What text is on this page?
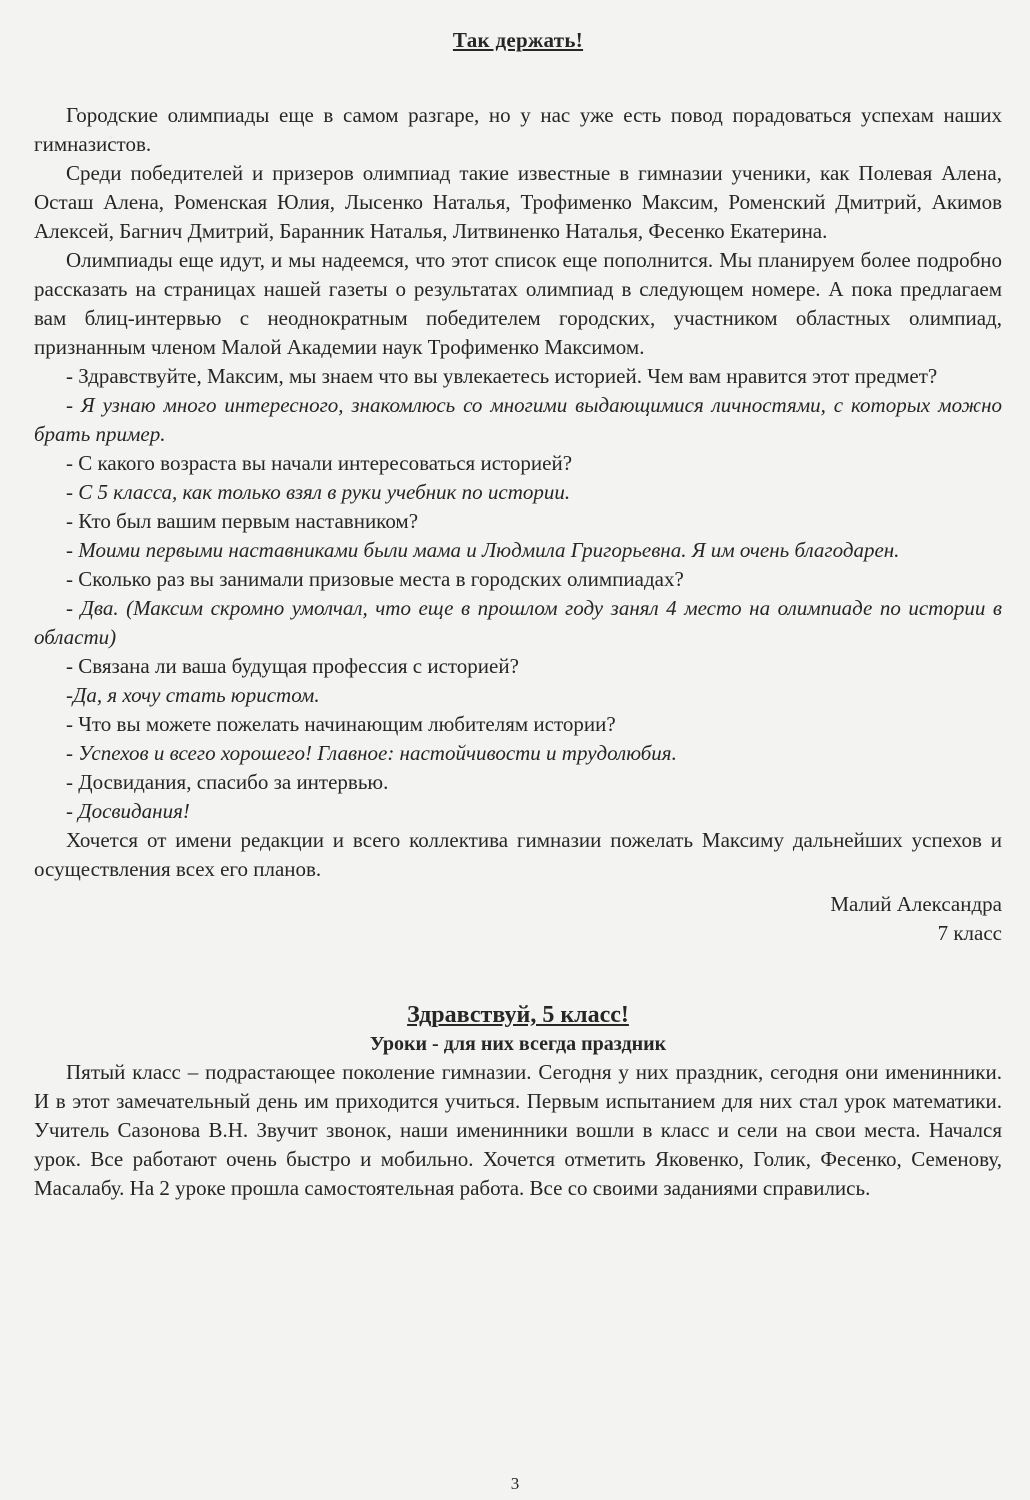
Так держать!

Городские олимпиады еще в самом разгаре, но у нас уже есть повод порадоваться успехам наших гимназистов.

Среди победителей и призеров олимпиад такие известные в гимназии ученики, как Полевая Алена, Осташ Алена, Роменская Юлия, Лысенко Наталья, Трофименко Максим, Роменский Дмитрий, Акимов Алексей, Багнич Дмитрий, Баранник Наталья, Литвиненко Наталья, Фесенко Екатерина.

Олимпиады еще идут, и мы надеемся, что этот список еще пополнится. Мы планируем более подробно рассказать на страницах нашей газеты о результатах олимпиад в следующем номере. А пока предлагаем вам блиц-интервью с неоднократным победителем городских, участником областных олимпиад, признанным членом Малой Академии наук Трофименко Максимом.

- Здравствуйте, Максим, мы знаем что вы увлекаетесь историей. Чем вам нравится этот предмет?

- Я узнаю много интересного, знакомлюсь со многими выдающимися личностями, с которых можно брать пример.

- С какого возраста вы начали интересоваться историей?

- С 5 класса, как только взял в руки учебник по истории.

- Кто был вашим первым наставником?

- Моими первыми наставниками были мама и Людмила Григорьевна. Я им очень благодарен.

- Сколько раз вы занимали призовые места в городских олимпиадах?

- Два. (Максим скромно умолчал, что еще в прошлом году занял 4 место на олимпиаде по истории в области)

- Связана ли ваша будущая профессия с историей?

-Да, я хочу стать юристом.

- Что вы можете пожелать начинающим любителям истории?

- Успехов и всего хорошего! Главное: настойчивости и трудолюбия.

- Досвидания, спасибо за интервью.

- Досвидания!

Хочется от имени редакции и всего коллектива гимназии пожелать Максиму дальнейших успехов и осуществления всех его планов.

Малий Александра
7 класс
Здравствуй, 5 класс!
Уроки - для них всегда праздник

Пятый класс – подрастающее поколение гимназии. Сегодня у них праздник, сегодня они именинники. И в этот замечательный день им приходится учиться. Первым испытанием для них стал урок математики. Учитель Сазонова В.Н. Звучит звонок, наши именинники вошли в класс и сели на свои места. Начался урок. Все работают очень быстро и мобильно. Хочется отметить Яковенко, Голик, Фесенко, Семенову, Масалабу. На 2 уроке прошла самостоятельная работа. Все со своими заданиями справились.

3
